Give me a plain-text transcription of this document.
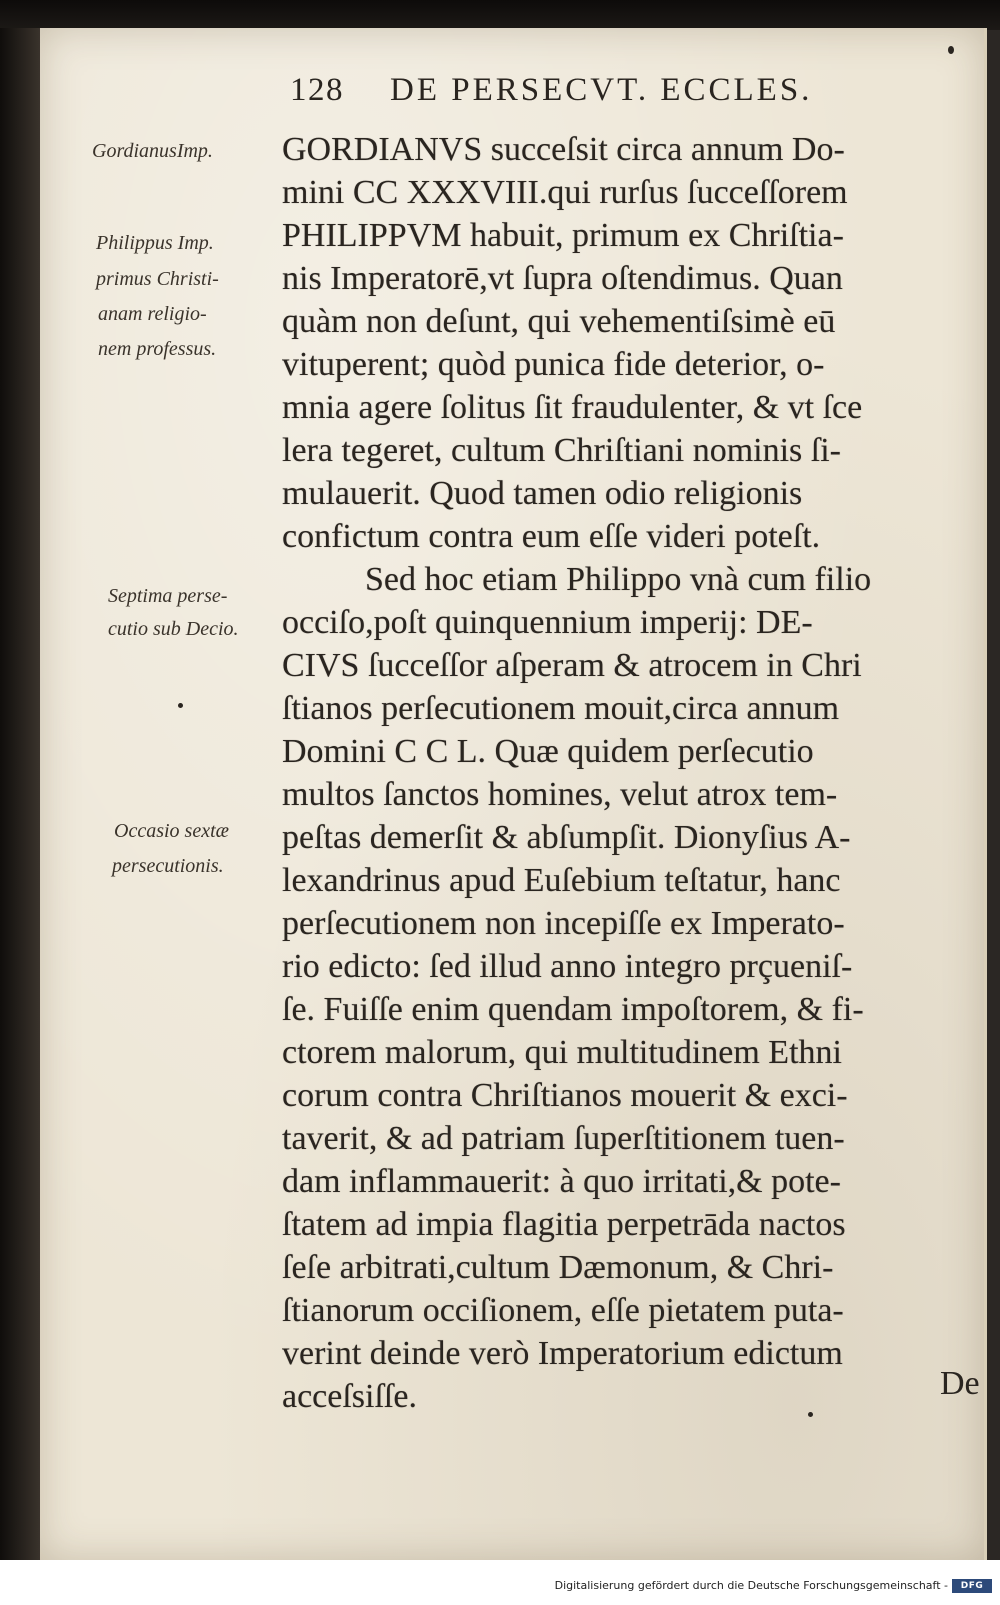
128 DE PERSECVT. ECCLES.
GordianusImp.
Philippus Imp.
primus Christi-
anam religio-
nem professus.
Septima perse-
cutio sub Decio.
Occasio sextæ
persecutionis.
GORDIANVS succeſsit circa annum Do-
mini CC XXXVIII.qui rurſus ſucceſſorem
PHILIPPVM habuit, primum ex Chriſtia-
nis Imperatorē,vt ſupra oſtendimus. Quan
quàm non deſunt, qui vehementiſsimè eū
vituperent; quòd punica fide deterior, o-
mnia agere ſolitus ſit fraudulenter, & vt ſce
lera tegeret, cultum Chriſtiani nominis ſi-
mulauerit. Quod tamen odio religionis
confictum contra eum eſſe videri poteſt.
Sed hoc etiam Philippo vnà cum filio
occiſo,poſt quinquennium imperij: DE-
CIVS ſucceſſor aſperam & atrocem in Chri
ſtianos perſecutionem mouit,circa annum
Domini C C L. Quæ quidem perſecutio
multos ſanctos homines, velut atrox tem-
peſtas demerſit & abſumpſit. Dionyſius A-
lexandrinus apud Euſebium teſtatur, hanc
perſecutionem non incepiſſe ex Imperato-
rio edicto: ſed illud anno integro prçueniſ-
ſe. Fuiſſe enim quendam impoſtorem, & fi-
ctorem malorum, qui multitudinem Ethni
corum contra Chriſtianos mouerit & exci-
taverit, & ad patriam ſuperſtitionem tuen-
dam inflammauerit: à quo irritati,& pote-
ſtatem ad impia flagitia perpetrāda nactos
ſeſe arbitrati,cultum Dæmonum, & Chri-
ſtianorum occiſionem, eſſe pietatem puta-
verint deinde verò Imperatorium edictum
acceſsiſſe.	De
Digitalisierung gefördert durch die Deutsche Forschungsgemeinschaft -	DFG
